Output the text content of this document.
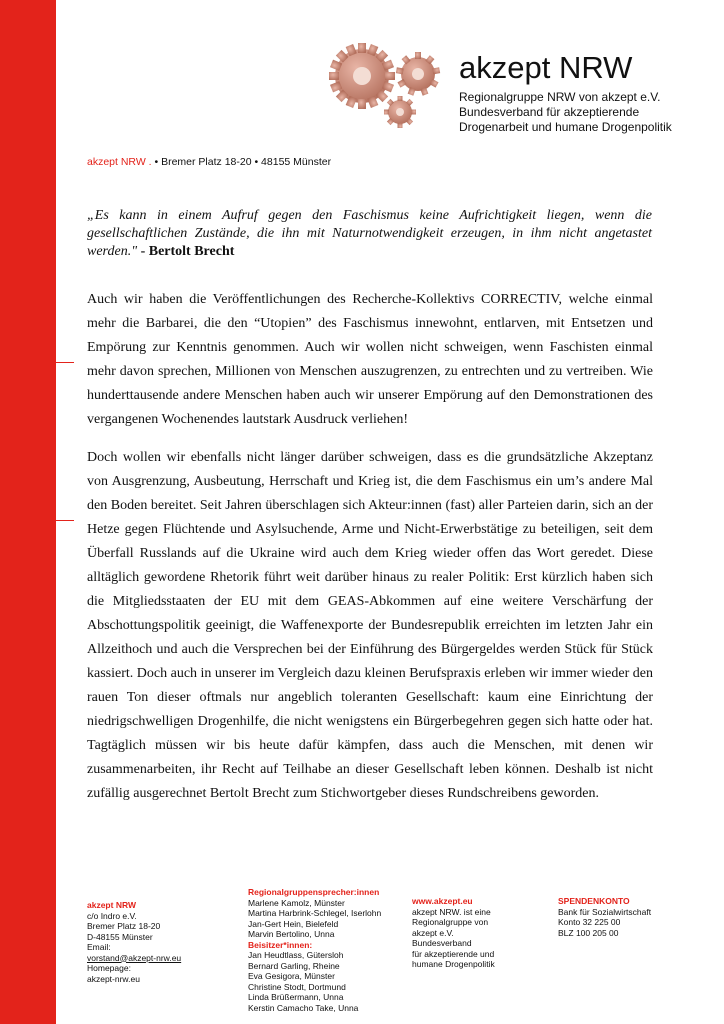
akzept NRW
Regionalgruppe NRW von akzept e.V.
Bundesverband für akzeptierende
Drogenarbeit und humane Drogenpolitik
akzept NRW . • Bremer Platz 18-20 • 48155 Münster
„Es kann in einem Aufruf gegen den Faschismus keine Aufrichtigkeit liegen, wenn die gesellschaftlichen Zustände, die ihn mit Naturnotwendigkeit erzeugen, in ihm nicht angetastet werden." - Bertolt Brecht

Auch wir haben die Veröffentlichungen des Recherche-Kollektivs CORRECTIV, welche einmal mehr die Barbarei, die den “Utopien” des Faschismus innewohnt, entlarven, mit Entsetzen und Empörung zur Kenntnis genommen. Auch wir wollen nicht schweigen, wenn Faschisten einmal mehr davon sprechen, Millionen von Menschen auszugrenzen, zu entrechten und zu vertreiben. Wie hunderttausende andere Menschen haben auch wir unserer Empörung auf den Demonstrationen des vergangenen Wochenendes lautstark Ausdruck verliehen!

Doch wollen wir ebenfalls nicht länger darüber schweigen, dass es die grundsätzliche Akzeptanz von Ausgrenzung, Ausbeutung, Herrschaft und Krieg ist, die dem Faschismus ein um’s andere Mal den Boden bereitet. Seit Jahren überschlagen sich Akteur:innen (fast) aller Parteien darin, sich an der Hetze gegen Flüchtende und Asylsuchende, Arme und Nicht-Erwerbstätige zu beteiligen, seit dem Überfall Russlands auf die Ukraine wird auch dem Krieg wieder offen das Wort geredet. Diese alltäglich gewordene Rhetorik führt weit darüber hinaus zu realer Politik: Erst kürzlich haben sich die Mitgliedsstaaten der EU mit dem GEAS-Abkommen auf eine weitere Verschärfung der Abschottungspolitik geeinigt, die Waffenexporte der Bundesrepublik erreichten im letzten Jahr ein Allzeithoch und auch die Versprechen bei der Einführung des Bürgergeldes werden Stück für Stück kassiert. Doch auch in unserer im Vergleich dazu kleinen Berufspraxis erleben wir immer wieder den rauen Ton dieser oftmals nur angeblich toleranten Gesellschaft: kaum eine Einrichtung der niedrigschwelligen Drogenhilfe, die nicht wenigstens ein Bürgerbegehren gegen sich hatte oder hat. Tagtäglich müssen wir bis heute dafür kämpfen, dass auch die Menschen, mit denen wir zusammenarbeiten, ihr Recht auf Teilhabe an dieser Gesellschaft leben können. Deshalb ist nicht zufällig ausgerechnet Bertolt Brecht zum Stichwortgeber dieses Rundschreibens geworden.

akzept NRW
c/o Indro e.V.
Bremer Platz 18-20
D-48155 Münster
Email:
vorstand@akzept-nrw.eu
Homepage:
akzept-nrw.eu
Regionalgruppensprecher:innen
Marlene Kamolz, Münster
Martina Harbrink-Schlegel, Iserlohn
Jan-Gert Hein, Bielefeld
Marvin Bertolino, Unna
Beisitzer*innen:
Jan Heudtlass, Gütersloh
Bernard Garling, Rheine
Eva Gesigora, Münster
Christine Stodt, Dortmund
Linda Brüßermann, Unna
Kerstin Camacho Take, Unna
www.akzept.eu
akzept NRW. ist eine
Regionalgruppe von
akzept e.V.
Bundesverband
für akzeptierende und
humane Drogenpolitik
SPENDENKONTO
Bank für Sozialwirtschaft
Konto 32 225 00
BLZ 100 205 00
